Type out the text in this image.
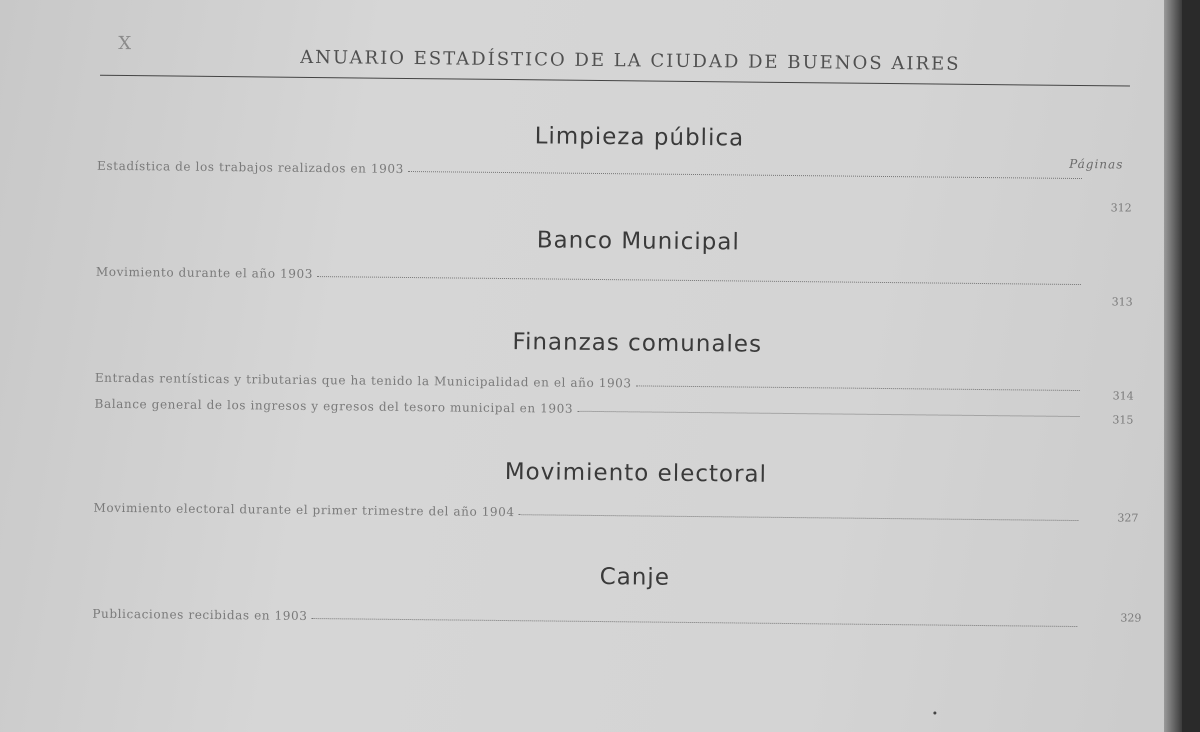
X
ANUARIO ESTADÍSTICO DE LA CIUDAD DE BUENOS AIRES
Limpieza pública
Páginas
Estadística de los trabajos realizados en 1903
312
Banco Municipal
Movimiento durante el año 1903
313
Finanzas comunales
Entradas rentísticas y tributarias que ha tenido la Municipalidad en el año 1903
314
Balance general de los ingresos y egresos del tesoro municipal en 1903
315
Movimiento electoral
Movimiento electoral durante el primer trimestre del año 1904	327
Canje
Publicaciones recibidas en 1903	329
